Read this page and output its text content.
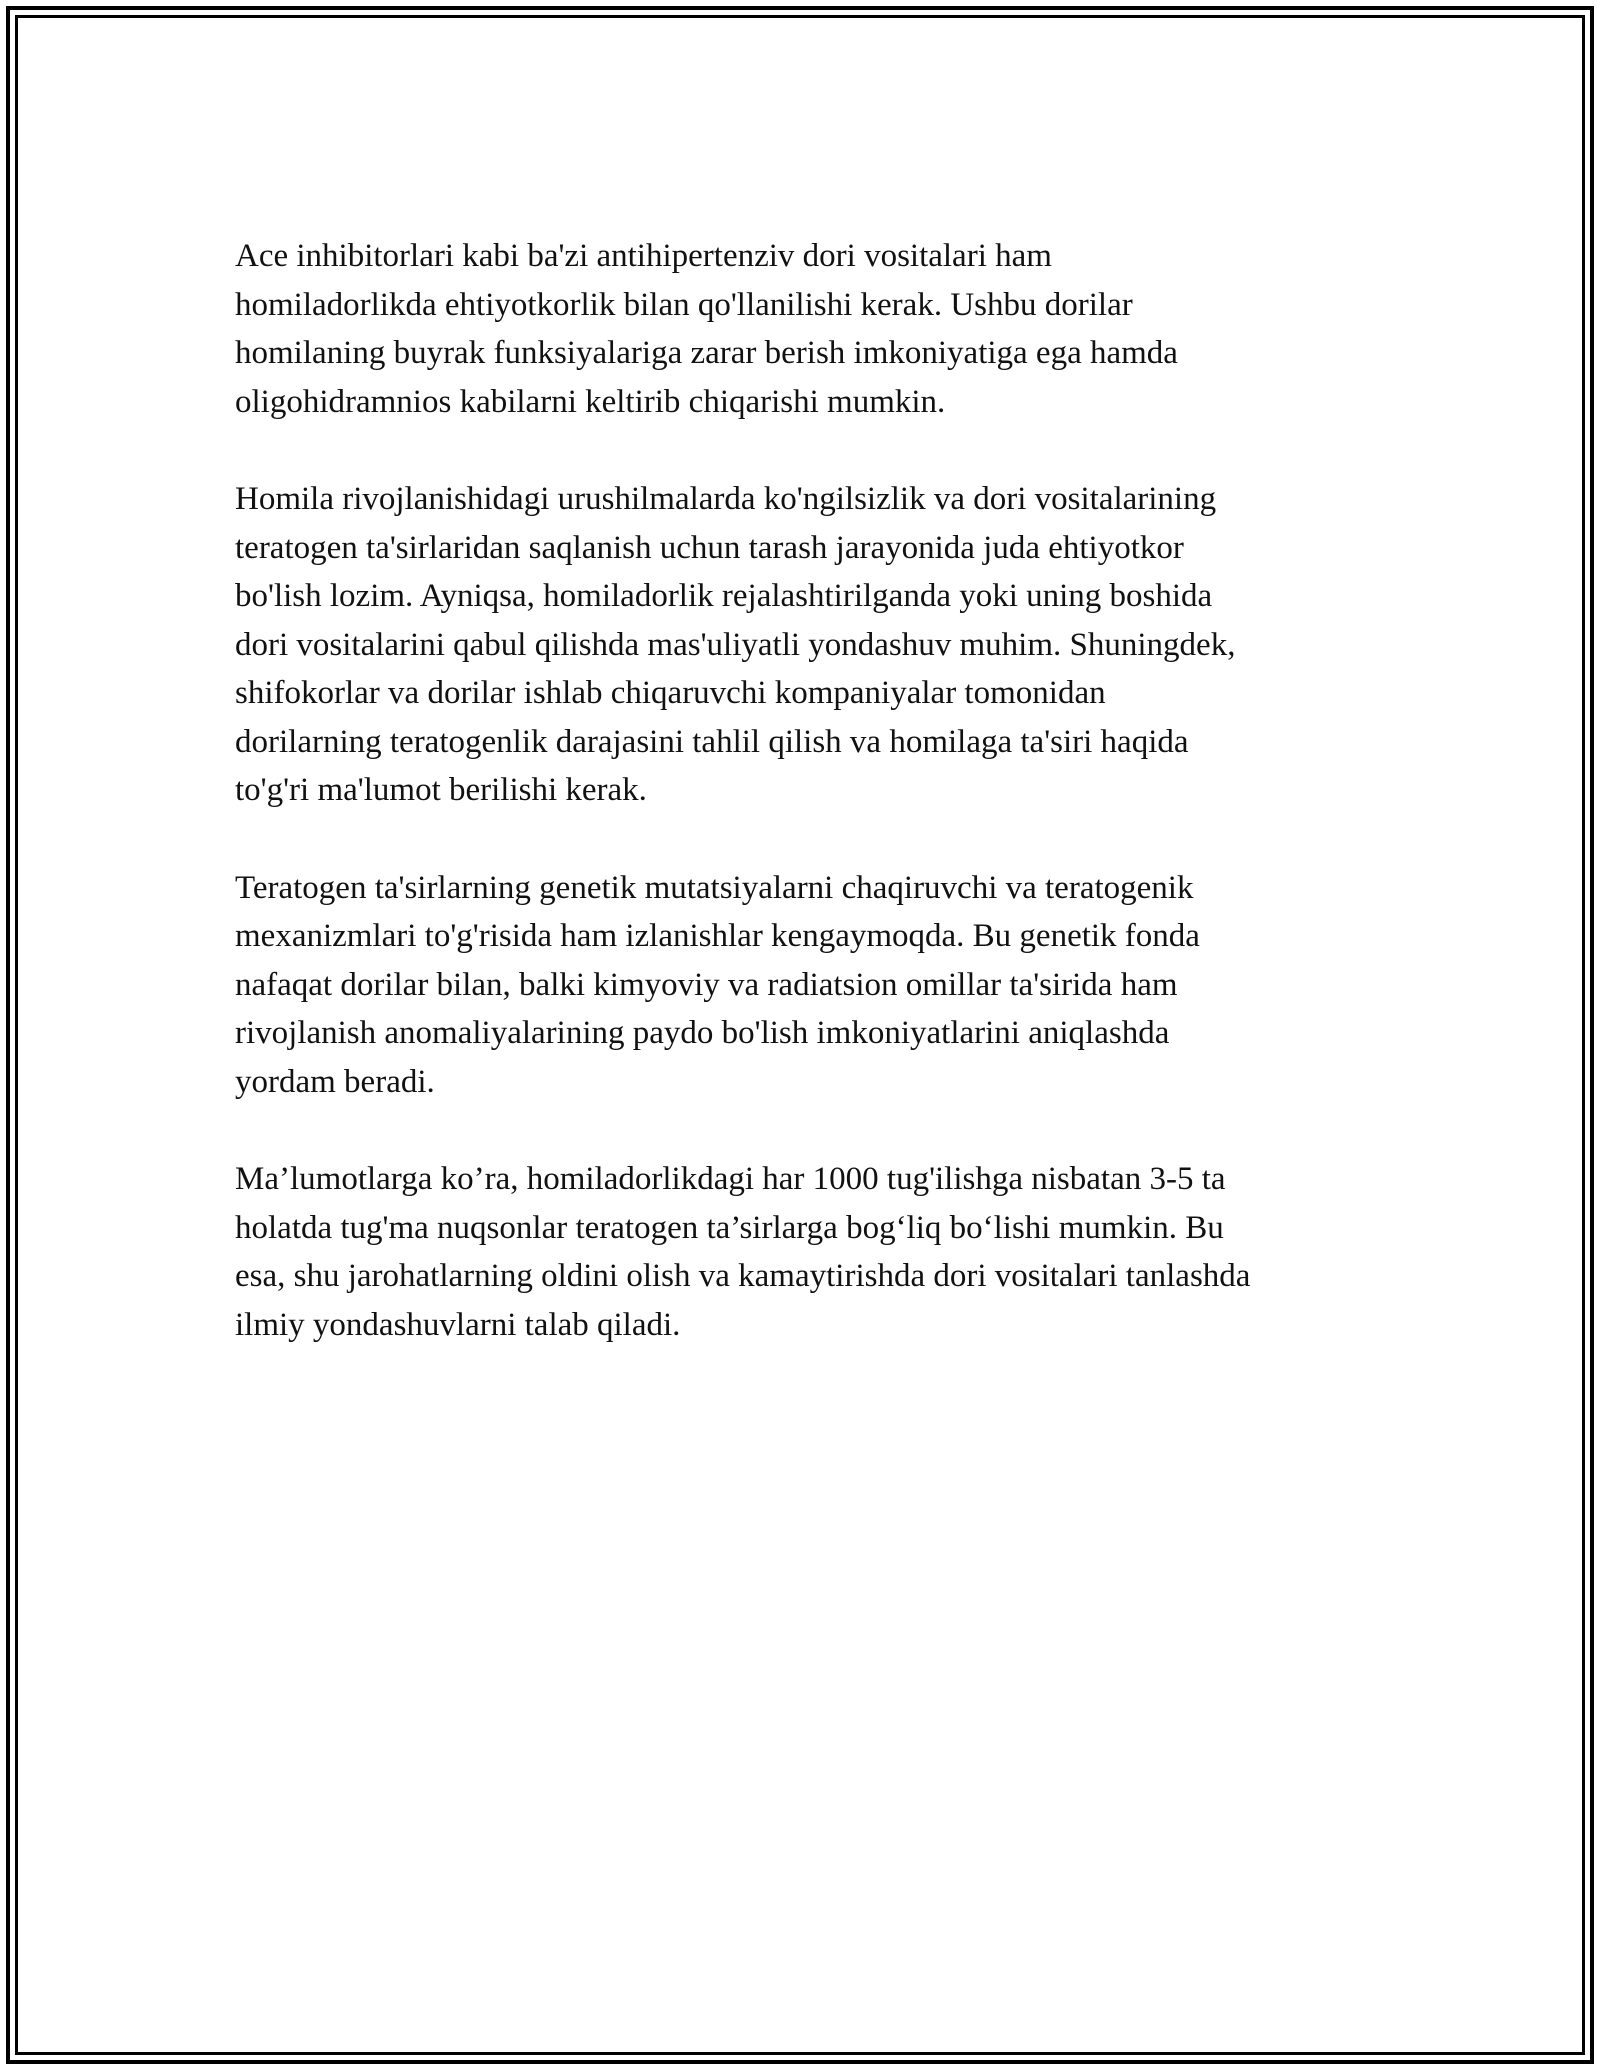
Ace inhibitorlari kabi ba'zi antihipertenziv dori vositalari ham
homiladorlikda ehtiyotkorlik bilan qo'llanilishi kerak. Ushbu dorilar
homilaning buyrak funksiyalariga zarar berish imkoniyatiga ega hamda
oligohidramnios kabilarni keltirib chiqarishi mumkin.

Homila rivojlanishidagi urushilmalarda ko'ngilsizlik va dori vositalarining
teratogen ta'sirlaridan saqlanish uchun tarash jarayonida juda ehtiyotkor
bo'lish lozim. Ayniqsa, homiladorlik rejalashtirilganda yoki uning boshida
dori vositalarini qabul qilishda mas'uliyatli yondashuv muhim. Shuningdek,
shifokorlar va dorilar ishlab chiqaruvchi kompaniyalar tomonidan
dorilarning teratogenlik darajasini tahlil qilish va homilaga ta'siri haqida
to'g'ri ma'lumot berilishi kerak.

Teratogen ta'sirlarning genetik mutatsiyalarni chaqiruvchi va teratogenik
mexanizmlari to'g'risida ham izlanishlar kengaymoqda. Bu genetik fonda
nafaqat dorilar bilan, balki kimyoviy va radiatsion omillar ta'sirida ham
rivojlanish anomaliyalarining paydo bo'lish imkoniyatlarini aniqlashda
yordam beradi.

Ma’lumotlarga ko’ra, homiladorlikdagi har 1000 tug'ilishga nisbatan 3-5 ta
holatda tug'ma nuqsonlar teratogen ta’sirlarga bog‘liq bo‘lishi mumkin. Bu
esa, shu jarohatlarning oldini olish va kamaytirishda dori vositalari tanlashda
ilmiy yondashuvlarni talab qiladi.
